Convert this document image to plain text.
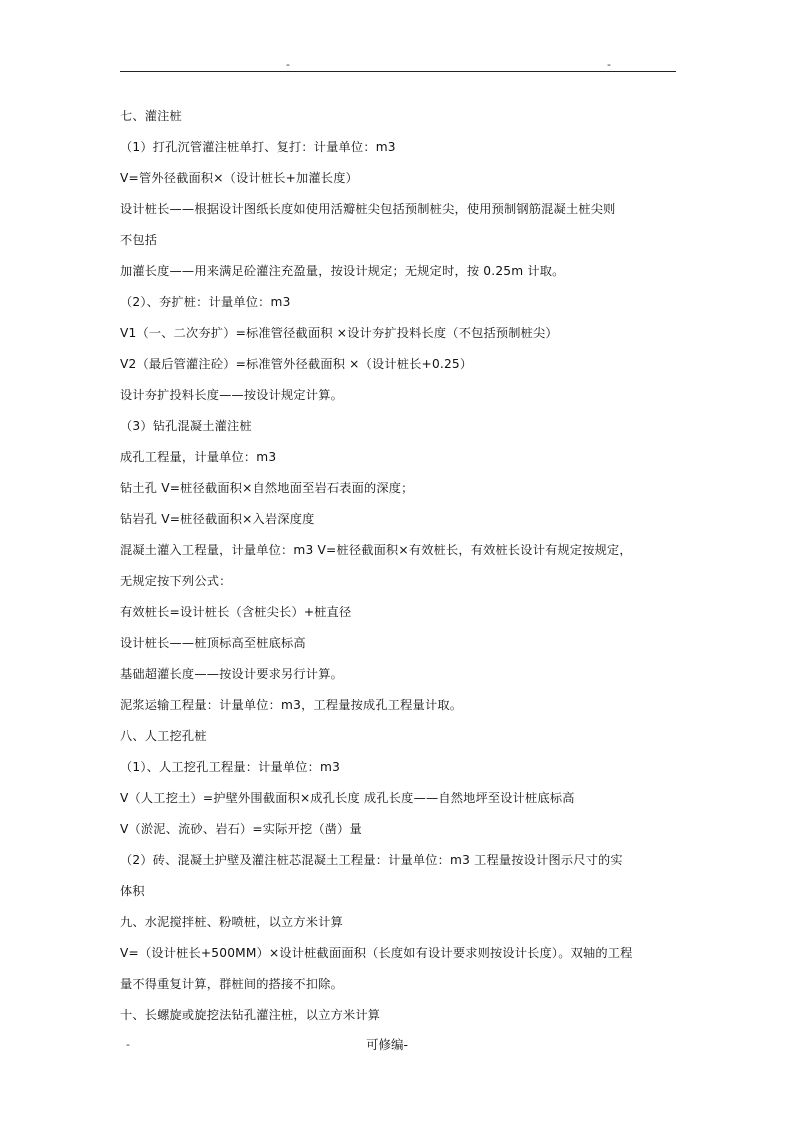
-	-
七、灌注桩
（1）打孔沉管灌注桩单打、复打：计量单位：m3
V=管外径截面积×（设计桩长+加灌长度）
设计桩长——根据设计图纸长度如使用活瓣桩尖包括预制桩尖，使用预制钢筋混凝土桩尖则
不包括
加灌长度——用来满足砼灌注充盈量，按设计规定；无规定时，按 0.25m 计取。
（2）、夯扩桩：计量单位：m3
V1（一、二次夯扩）=标准管径截面积 ×设计夯扩投料长度（不包括预制桩尖）
V2（最后管灌注砼）=标准管外径截面积 ×（设计桩长+0.25）
设计夯扩投料长度——按设计规定计算。
（3）钻孔混凝土灌注桩
成孔工程量，计量单位：m3
钻土孔 V=桩径截面积×自然地面至岩石表面的深度；
钻岩孔 V=桩径截面积×入岩深度度
混凝土灌入工程量，计量单位：m3 V=桩径截面积×有效桩长，有效桩长设计有规定按规定，
无规定按下列公式：
有效桩长=设计桩长（含桩尖长）+桩直径
设计桩长——桩顶标高至桩底标高
基础超灌长度——按设计要求另行计算。
泥浆运输工程量：计量单位：m3，工程量按成孔工程量计取。
八、人工挖孔桩
（1）、人工挖孔工程量：计量单位：m3
V（人工挖土）=护壁外围截面积×成孔长度 成孔长度——自然地坪至设计桩底标高
V（淤泥、流砂、岩石）=实际开挖（凿）量
（2）砖、混凝土护壁及灌注桩芯混凝土工程量：计量单位：m3 工程量按设计图示尺寸的实
体积
九、水泥搅拌桩、粉喷桩，以立方米计算
V=（设计桩长+500MM）×设计桩截面面积（长度如有设计要求则按设计长度）。双轴的工程
量不得重复计算，群桩间的搭接不扣除。
十、长螺旋或旋挖法钻孔灌注桩，以立方米计算
-	可修编-
